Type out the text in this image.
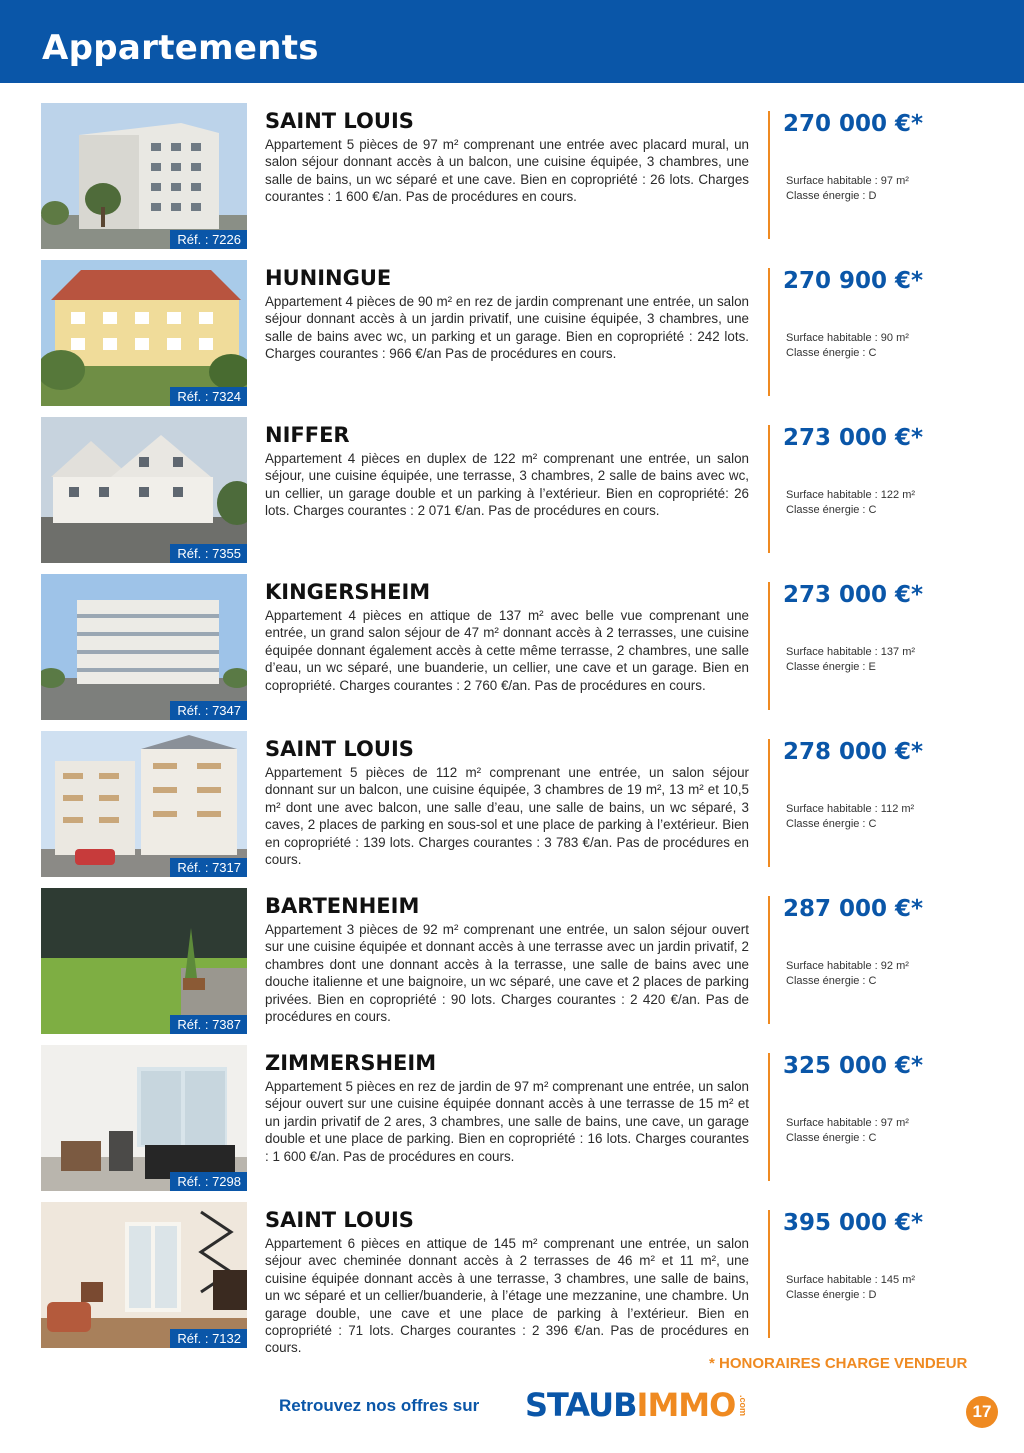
Appartements
Réf. : 7226
SAINT LOUIS
Appartement 5 pièces de 97 m² comprenant une entrée avec placard mural, un salon séjour donnant accès à un balcon, une cuisine équipée, 3 chambres, une salle de bains, un wc séparé et une cave. Bien en copropriété : 26 lots. Charges courantes : 1 600 €/an. Pas de procédures en cours.
270 000 €*
Surface habitable : 97 m²
Classe énergie : D
Réf. : 7324
HUNINGUE
Appartement 4 pièces de 90 m² en rez de jardin comprenant une entrée, un salon séjour donnant accès à un jardin privatif, une cuisine équipée, 3 chambres, une salle de bains avec wc, un parking et un garage. Bien en copropriété : 242 lots. Charges courantes : 966 €/an Pas de procédures en cours.
270 900 €*
Surface habitable : 90 m²
Classe énergie : C
Réf. : 7355
NIFFER
Appartement 4 pièces en duplex de 122 m² comprenant une entrée, un salon séjour, une cuisine équipée, une terrasse, 3 chambres, 2 salle de bains avec wc, un cellier, un garage double et un parking à l’extérieur. Bien en copropriété: 26 lots. Charges courantes : 2 071 €/an. Pas de procédures en cours.
273 000 €*
Surface habitable : 122 m²
Classe énergie : C
Réf. : 7347
KINGERSHEIM
Appartement 4 pièces en attique de 137 m² avec belle vue comprenant une entrée, un grand salon séjour de 47 m² donnant accès à 2 terrasses, une cuisine équipée donnant également accès à cette même terrasse, 2 chambres, une salle d’eau, un wc séparé, une buanderie, un cellier, une cave et un garage. Bien en copropriété. Charges courantes : 2 760 €/an. Pas de procédures en cours.
273 000 €*
Surface habitable : 137 m²
Classe énergie : E
Réf. : 7317
SAINT LOUIS
Appartement 5 pièces de 112 m² comprenant une entrée, un salon séjour donnant sur un balcon, une cuisine équipée, 3 chambres de 19 m², 13 m² et 10,5 m² dont une avec balcon, une salle d’eau, une salle de bains, un wc séparé, 3 caves, 2 places de parking en sous-sol et une place de parking à l’extérieur. Bien en copropriété : 139 lots. Charges courantes : 3 783 €/an. Pas de procédures en cours.
278 000 €*
Surface habitable : 112 m²
Classe énergie : C
Réf. : 7387
BARTENHEIM
Appartement 3 pièces de 92 m² comprenant une entrée, un salon séjour ouvert sur une cuisine équipée et donnant accès à une terrasse avec un jardin privatif, 2 chambres dont une donnant accès à la terrasse, une salle de bains avec une douche italienne et une baignoire, un wc séparé, une cave et 2 places de parking privées. Bien en copropriété : 90 lots. Charges courantes : 2 420 €/an. Pas de procédures en cours.
287 000 €*
Surface habitable : 92 m²
Classe énergie : C
Réf. : 7298
ZIMMERSHEIM
Appartement 5 pièces en rez de jardin de 97 m² comprenant une entrée, un salon séjour ouvert sur une cuisine équipée donnant accès à une terrasse de 15 m² et un jardin privatif de 2 ares, 3 chambres, une salle de bains, une cave, un garage double et une place de parking. Bien en copropriété : 16 lots. Charges courantes : 1 600 €/an. Pas de procédures en cours.
325 000 €*
Surface habitable : 97 m²
Classe énergie : C
Réf. : 7132
SAINT LOUIS
Appartement 6 pièces en attique de 145 m² comprenant une entrée, un salon séjour avec cheminée donnant accès à 2 terrasses de 46 m² et 11 m², une cuisine équipée donnant accès à une terrasse, 3 chambres, une salle de bains, un wc séparé et un cellier/buanderie, à l’étage une mezzanine, une chambre. Un garage double, une cave et une place de parking à l’extérieur. Bien en copropriété : 71 lots. Charges courantes : 2 396 €/an. Pas de procédures en cours.
395 000 €*
Surface habitable : 145 m²
Classe énergie : D
* HONORAIRES CHARGE VENDEUR
Retrouvez nos offres sur STAUBIMMO .com	17
